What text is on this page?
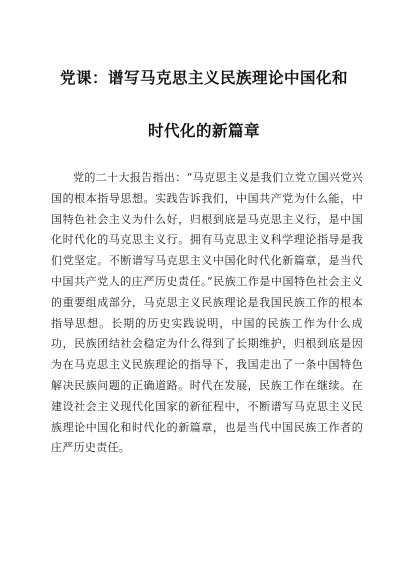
党课：谱写马克思主义民族理论中国化和
时代化的新篇章

党的二十大报告指出：“马克思主义是我们立党立国兴党兴国的根本指导思想。实践告诉我们，中国共产党为什么能，中国特色社会主义为什么好，归根到底是马克思主义行，是中国化时代化的马克思主义行。拥有马克思主义科学理论指导是我们党坚定。不断谱写马克思主义中国化时代化新篇章，是当代中国共产党人的庄严历史责任。”民族工作是中国特色社会主义的重要组成部分，马克思主义民族理论是我国民族工作的根本指导思想。长期的历史实践说明，中国的民族工作为什么成功，民族团结社会稳定为什么得到了长期维护，归根到底是因为在马克思主义民族理论的指导下，我国走出了一条中国特色解决民族问题的正确道路。时代在发展，民族工作在继续。在建设社会主义现代化国家的新征程中，不断谱写马克思主义民族理论中国化和时代化的新篇章，也是当代中国民族工作者的庄严历史责任。
